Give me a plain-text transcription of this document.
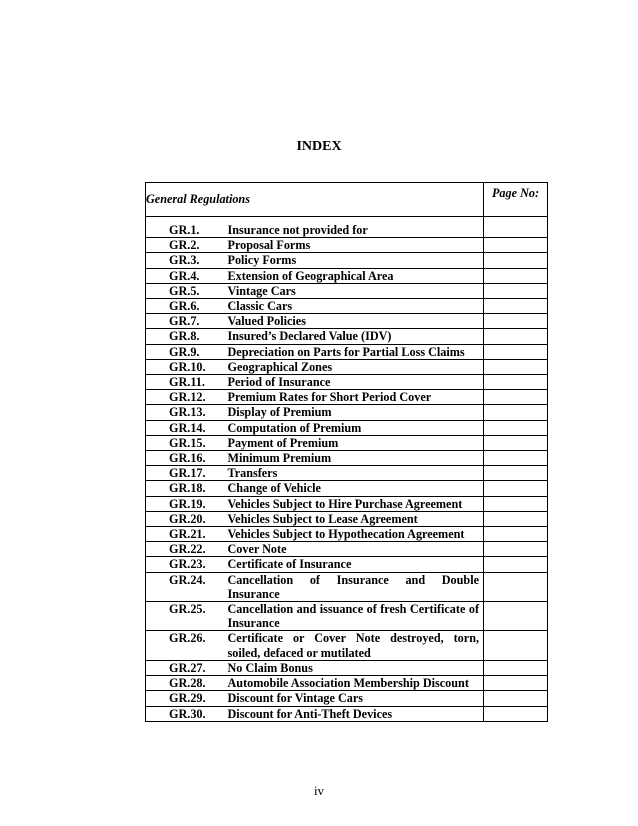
INDEX
General Regulations		Page No:

GR.1.	Insurance not provided for	
GR.2.	Proposal Forms	
GR.3.	Policy Forms	
GR.4.	Extension of Geographical Area	
GR.5.	Vintage Cars	
GR.6.	Classic Cars	
GR.7.	Valued Policies	
GR.8.	Insured’s Declared Value (IDV)	
GR.9.	Depreciation on Parts for Partial Loss Claims	
GR.10.	Geographical Zones	
GR.11.	Period of Insurance	
GR.12.	Premium Rates for Short Period Cover	
GR.13.	Display of Premium	
GR.14.	Computation of Premium	
GR.15.	Payment of Premium	
GR.16.	Minimum Premium	
GR.17.	Transfers	
GR.18.	Change of Vehicle	
GR.19.	Vehicles Subject to Hire Purchase Agreement	
GR.20.	Vehicles Subject to Lease Agreement	
GR.21.	Vehicles Subject to Hypothecation Agreement	
GR.22.	Cover Note	
GR.23.	Certificate of Insurance	
GR.24.	Cancellation of Insurance and Double Insurance	
GR.25.	Cancellation and issuance of fresh Certificate of Insurance	
GR.26.	Certificate or Cover Note destroyed, torn, soiled, defaced or mutilated	
GR.27.	No Claim Bonus	
GR.28.	Automobile Association Membership Discount	
GR.29.	Discount for Vintage Cars	
GR.30.	Discount for Anti-Theft Devices	
iv
